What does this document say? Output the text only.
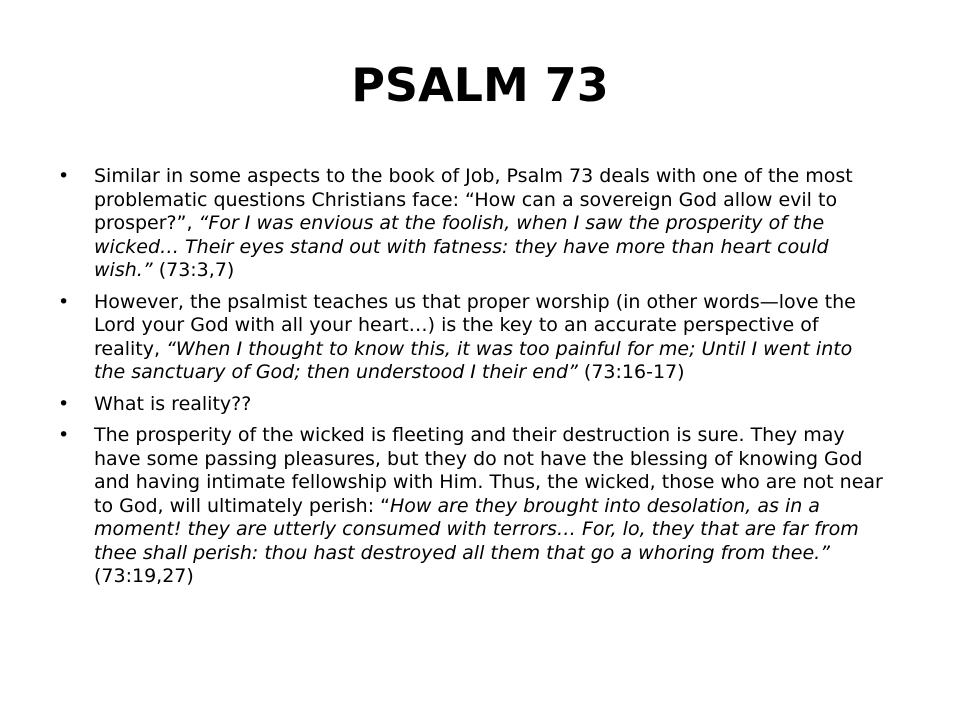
PSALM 73
•	Similar in some aspects to the book of Job, Psalm 73 deals with one of the most problematic questions Christians face: “How can a sovereign God allow evil to prosper?”, “For I was envious at the foolish, when I saw the prosperity of the wicked… Their eyes stand out with fatness: they have more than heart could wish.” (73:3,7)
•	However, the psalmist teaches us that proper worship (in other words—love the Lord your God with all your heart…) is the key to an accurate perspective of reality, “When I thought to know this, it was too painful for me; Until I went into the sanctuary of God; then understood I their end” (73:16-17)
•	What is reality??
•	The prosperity of the wicked is fleeting and their destruction is sure. They may have some passing pleasures, but they do not have the blessing of knowing God and having intimate fellowship with Him. Thus, the wicked, those who are not near to God, will ultimately perish: “How are they brought into desolation, as in a moment! they are utterly consumed with terrors… For, lo, they that are far from thee shall perish: thou hast destroyed all them that go a whoring from thee.” (73:19,27)
